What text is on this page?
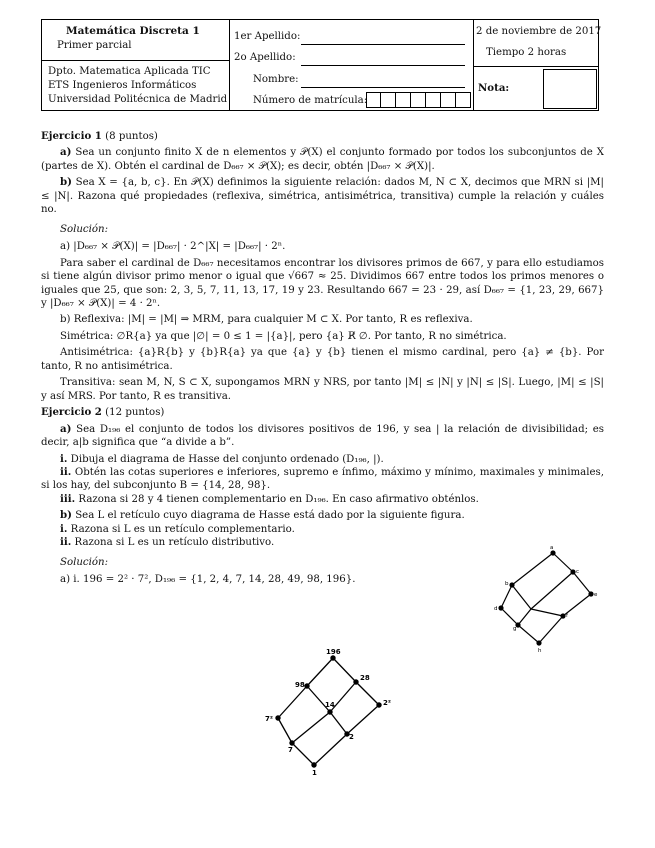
Matemática Discreta 1
Primer parcial
Dpto. Matematica Aplicada TIC
ETS Ingenieros Informáticos
Universidad Politécnica de Madrid
1er Apellido:
2o Apellido:
Nombre:
Número de matrícula:
2 de noviembre de 2017
Tiempo 2 horas
Nota:

Ejercicio 1 (8 puntos)

a) Sea un conjunto finito X de n elementos y 𝒫(X) el conjunto formado por todos los subconjuntos de X (partes de X). Obtén el cardinal de D₆₆₇ × 𝒫(X); es decir, obtén |D₆₆₇ × 𝒫(X)|.

b) Sea X = {a, b, c}. En 𝒫(X) definimos la siguiente relación: dados M, N ⊂ X, decimos que MRN si |M| ≤ |N|. Razona qué propiedades (reflexiva, simétrica, antisimétrica, transitiva) cumple la relación y cuáles no.

Solución:

a) |D₆₆₇ × 𝒫(X)| = |D₆₆₇| · 2^|X| = |D₆₆₇| · 2ⁿ.

Para saber el cardinal de D₆₆₇ necesitamos encontrar los divisores primos de 667, y para ello estudiamos si tiene algún divisor primo menor o igual que √667 ≈ 25. Dividimos 667 entre todos los primos menores o iguales que 25, que son: 2, 3, 5, 7, 11, 13, 17, 19 y 23. Resultando 667 = 23 · 29, así D₆₆₇ = {1, 23, 29, 667} y |D₆₆₇ × 𝒫(X)| = 4 · 2ⁿ.

b) Reflexiva: |M| = |M| ⇒ MRM, para cualquier M ⊂ X. Por tanto, R es reflexiva.

Simétrica: ∅R{a} ya que |∅| = 0 ≤ 1 = |{a}|, pero {a} R̸ ∅. Por tanto, R no simétrica.

Antisimétrica: {a}R{b} y {b}R{a} ya que {a} y {b} tienen el mismo cardinal, pero {a} ≠ {b}. Por tanto, R no antisimétrica.

Transitiva: sean M, N, S ⊂ X, supongamos MRN y NRS, por tanto |M| ≤ |N| y |N| ≤ |S|. Luego, |M| ≤ |S| y así MRS. Por tanto, R es transitiva.

Ejercicio 2 (12 puntos)

a) Sea D₁₉₆ el conjunto de todos los divisores positivos de 196, y sea | la relación de divisibilidad; es decir, a|b significa que “a divide a b”.

i. Dibuja el diagrama de Hasse del conjunto ordenado (D₁₉₆, |).

ii. Obtén las cotas superiores e inferiores, supremo e ínfimo, máximo y mínimo, maximales y minimales, si los hay, del subconjunto B = {14, 28, 98}.

iii. Razona si 28 y 4 tienen complementario en D₁₉₆. En caso afirmativo obténlos.

b) Sea L el retículo cuyo diagrama de Hasse está dado por la siguiente figura.

i. Razona si L es un retículo complementario.

ii. Razona si L es un retículo distributivo.

Solución:

a) i. 196 = 2² · 7², D₁₉₆ = {1, 2, 4, 7, 14, 28, 49, 98, 196}.

a
b
c
d
e
f
g
h
196
98
28
7²
14	2²
7
2
1
